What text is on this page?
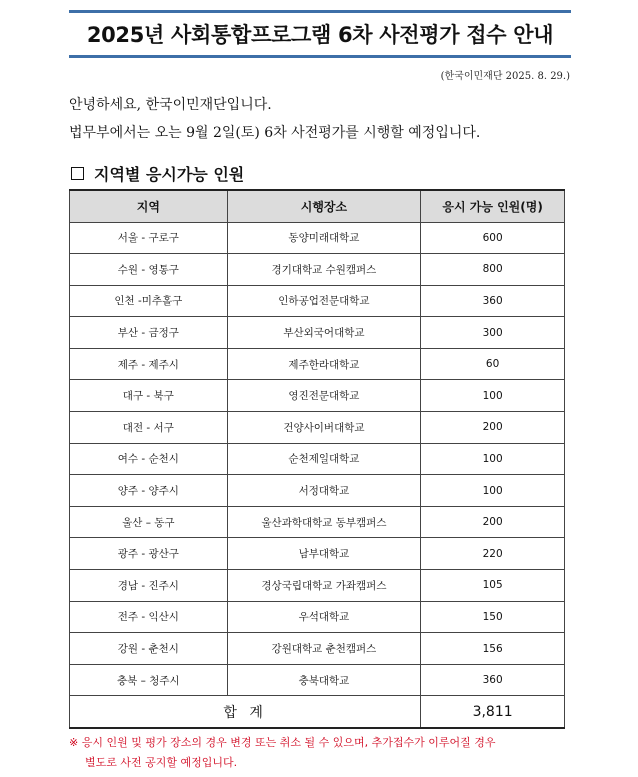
2025년 사회통합프로그램 6차 사전평가 접수 안내
(한국이민재단 2025. 8. 29.)
안녕하세요, 한국이민재단입니다.
법무부에서는 오는 9월 2일(토) 6차 사전평가를 시행할 예정입니다.
지역별 응시가능 인원
지역	시행장소	응시 가능 인원(명)
서울 - 구로구	동양미래대학교	600
수원 - 영통구	경기대학교 수원캠퍼스	800
인천 -미추홀구	인하공업전문대학교	360
부산 - 금정구	부산외국어대학교	300
제주 - 제주시	제주한라대학교	60
대구 - 북구	영진전문대학교	100
대전 - 서구	건양사이버대학교	200
여수 - 순천시	순천제일대학교	100
양주 - 양주시	서정대학교	100
울산 – 동구	울산과학대학교 동부캠퍼스	200
광주 - 광산구	남부대학교	220
경남 - 진주시	경상국립대학교 가좌캠퍼스	105
전주 - 익산시	우석대학교	150
강원 - 춘천시	강원대학교 춘천캠퍼스	156
충북 – 청주시	충북대학교	360
합 계		3,811
※ 응시 인원 및 평가 장소의 경우 변경 또는 취소 될 수 있으며, 추가접수가 이루어질 경우
별도로 사전 공지할 예정입니다.
